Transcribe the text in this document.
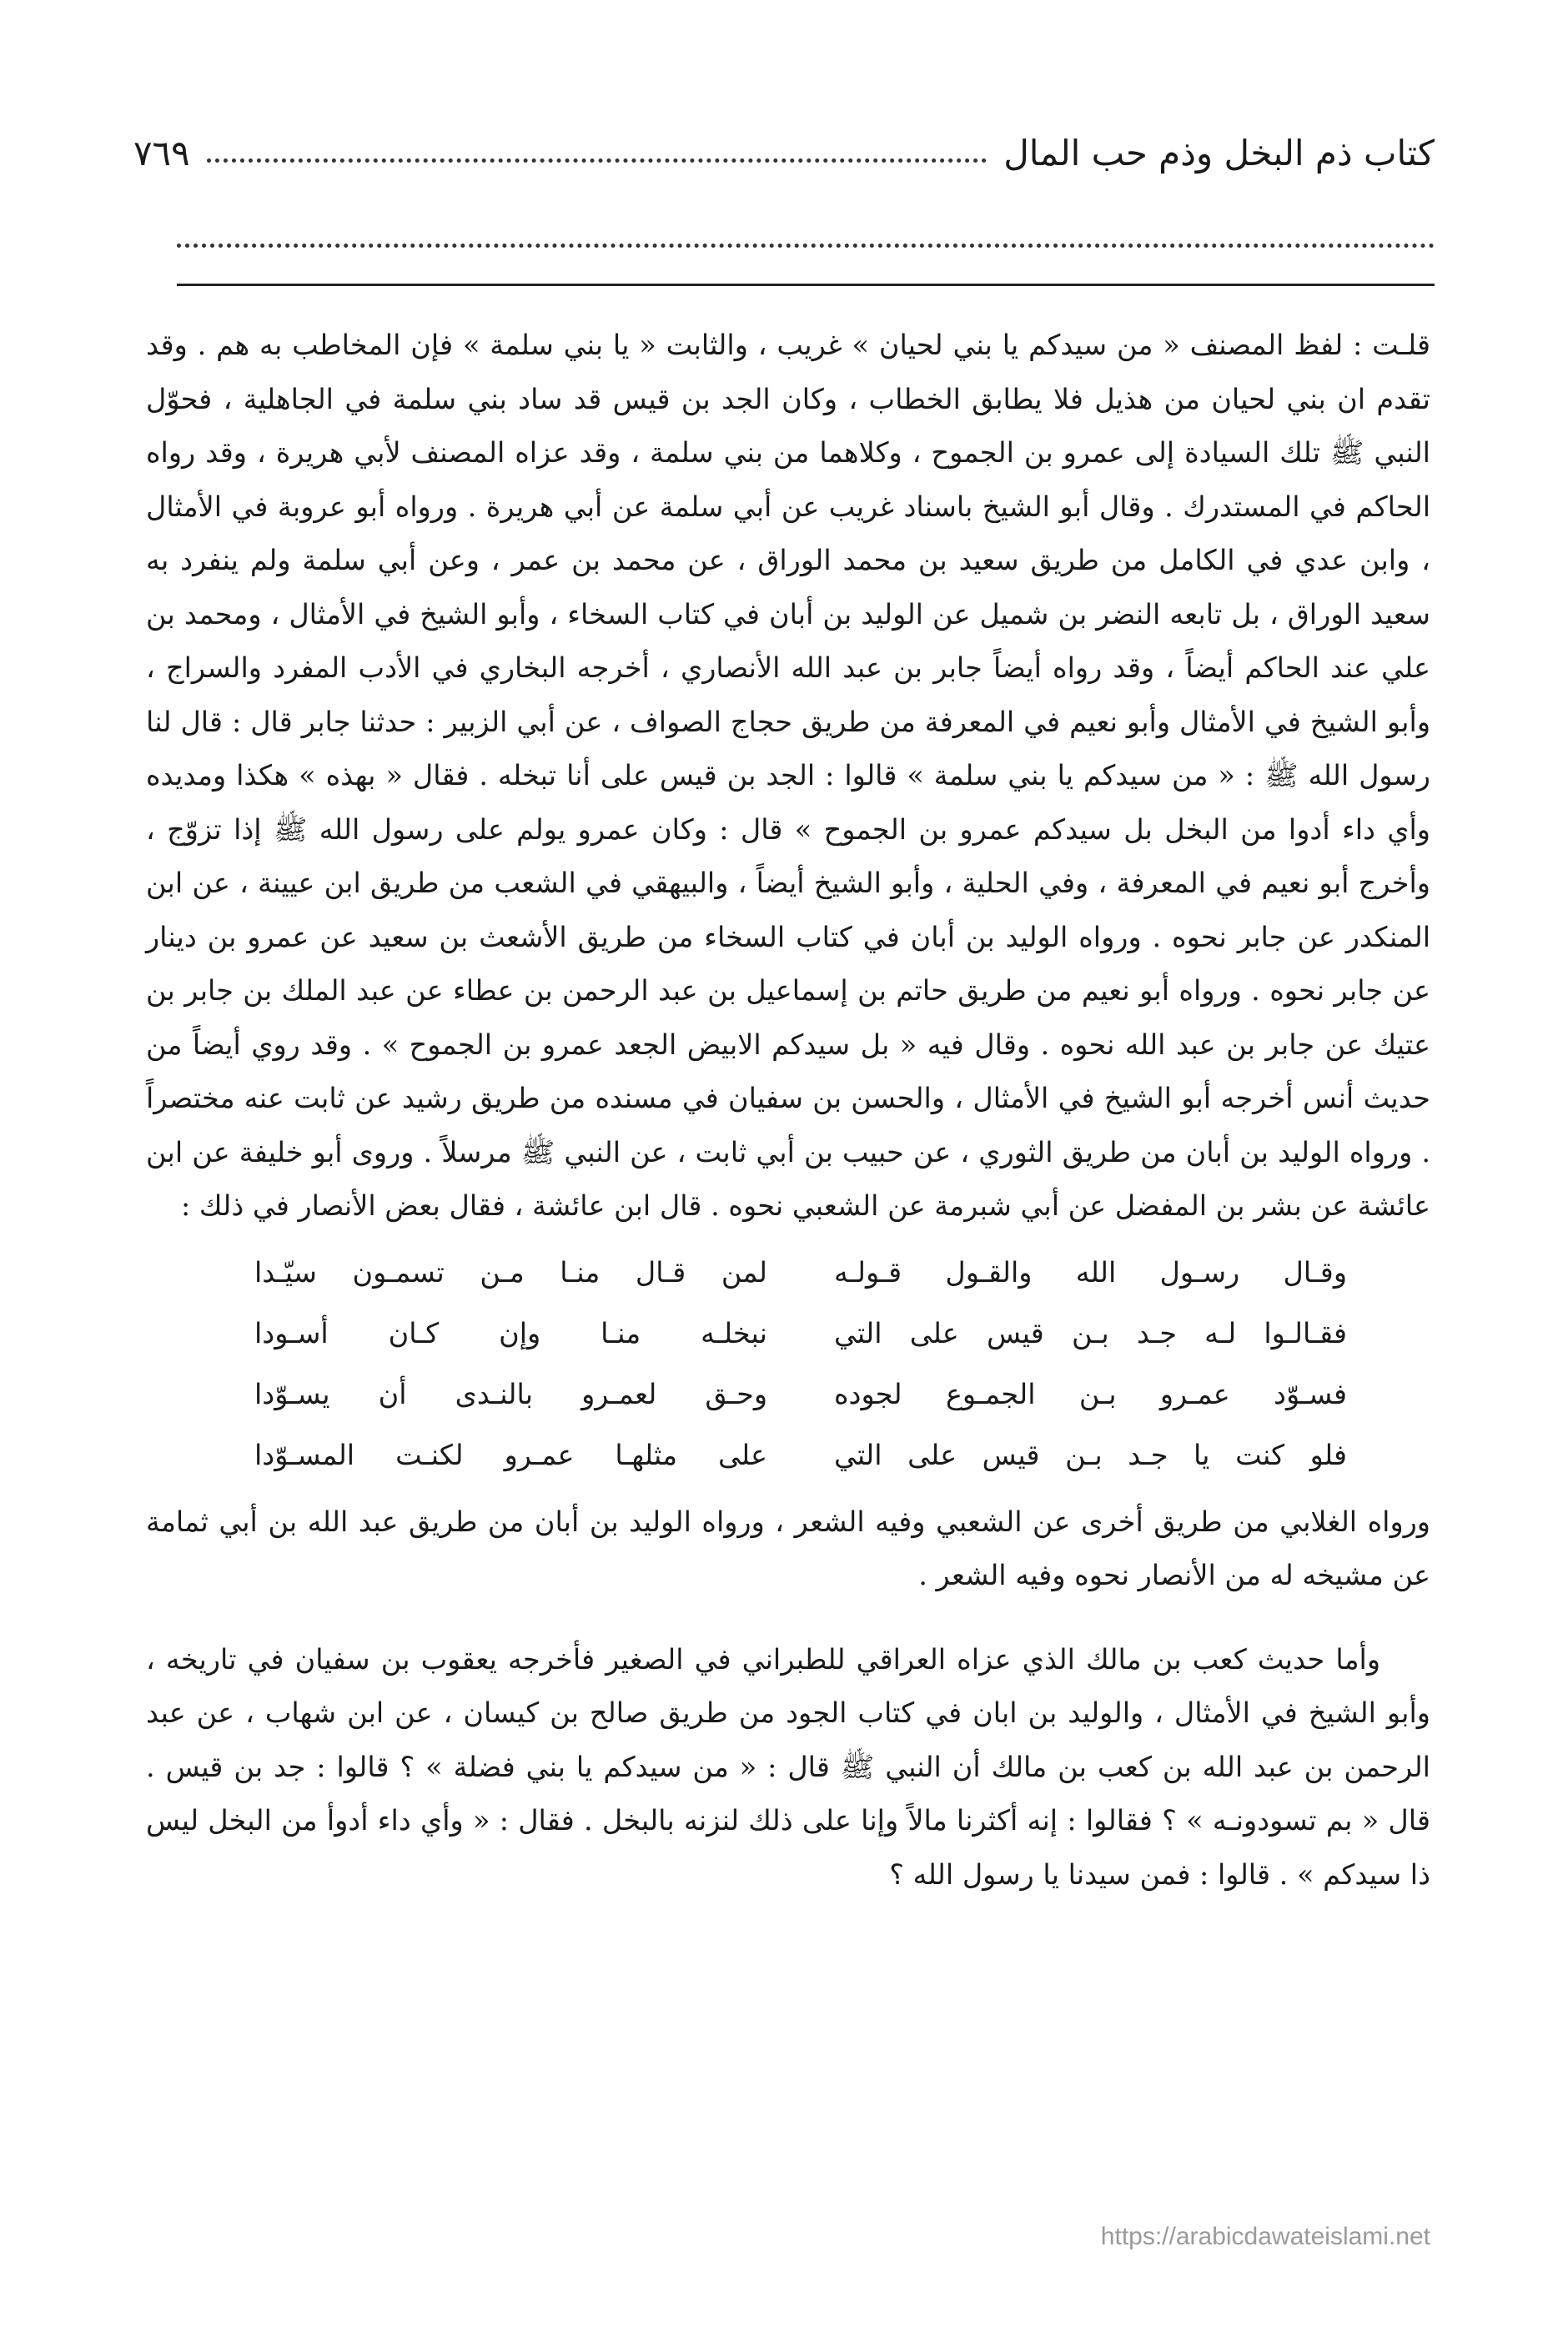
٧٦٩	كتاب ذم البخل وذم حب المال

قلـت : لفظ المصنف « من سيدكم يا بني لحيان » غريب ، والثابت « يا بني سلمة » فإن المخاطب به هم . وقد تقدم ان بني لحيان من هذيل فلا يطابق الخطاب ، وكان الجد بن قيس قد ساد بني سلمة في الجاهلية ، فحوّل النبي ﷺ تلك السيادة إلى عمرو بن الجموح ، وكلاهما من بني سلمة ، وقد عزاه المصنف لأبي هريرة ، وقد رواه الحاكم في المستدرك . وقال أبو الشيخ باسناد غريب عن أبي سلمة عن أبي هريرة . ورواه أبو عروبة في الأمثال ، وابن عدي في الكامل من طريق سعيد بن محمد الوراق ، عن محمد بن عمر ، وعن أبي سلمة ولم ينفرد به سعيد الوراق ، بل تابعه النضر بن شميل عن الوليد بن أبان في كتاب السخاء ، وأبو الشيخ في الأمثال ، ومحمد بن علي عند الحاكم أيضاً ، وقد رواه أيضاً جابر بن عبد الله الأنصاري ، أخرجه البخاري في الأدب المفرد والسراج ، وأبو الشيخ في الأمثال وأبو نعيم في المعرفة من طريق حجاج الصواف ، عن أبي الزبير : حدثنا جابر قال : قال لنا رسول الله ﷺ : « من سيدكم يا بني سلمة » قالوا : الجد بن قيس على أنا تبخله . فقال « بهذه » هكذا ومديده وأي داء أدوا من البخل بل سيدكم عمرو بن الجموح » قال : وكان عمرو يولم على رسول الله ﷺ إذا تزوّج ، وأخرج أبو نعيم في المعرفة ، وفي الحلية ، وأبو الشيخ أيضاً ، والبيهقي في الشعب من طريق ابن عيينة ، عن ابن المنكدر عن جابر نحوه . ورواه الوليد بن أبان في كتاب السخاء من طريق الأشعث بن سعيد عن عمرو بن دينار عن جابر نحوه . ورواه أبو نعيم من طريق حاتم بن إسماعيل بن عبد الرحمن بن عطاء عن عبد الملك بن جابر بن عتيك عن جابر بن عبد الله نحوه . وقال فيه « بل سيدكم الابيض الجعد عمرو بن الجموح » . وقد روي أيضاً من حديث أنس أخرجه أبو الشيخ في الأمثال ، والحسن بن سفيان في مسنده من طريق رشيد عن ثابت عنه مختصراً . ورواه الوليد بن أبان من طريق الثوري ، عن حبيب بن أبي ثابت ، عن النبي ﷺ مرسلاً . وروى أبو خليفة عن ابن عائشة عن بشر بن المفضل عن أبي شبرمة عن الشعبي نحوه . قال ابن عائشة ، فقال بعض الأنصار في ذلك :

وقـال رسـول الله والقـول قـولـه
لمن قـال منـا مـن تسمـون سيّـدا
فقـالـوا لـه جـد بـن قيس على التي
نبخلـه منـا وإن كـان أسـودا
فسـوّد عمـرو بـن الجمـوع لجوده
وحـق لعمـرو بالنـدى أن يسـوّدا
فلو كنت يا جـد بـن قيس على التي
على مثلهـا عمـرو لكنـت المسـوّدا

ورواه الغلابي من طريق أخرى عن الشعبي وفيه الشعر ، ورواه الوليد بن أبان من طريق عبد الله بن أبي ثمامة عن مشيخه له من الأنصار نحوه وفيه الشعر .

وأما حديث كعب بن مالك الذي عزاه العراقي للطبراني في الصغير فأخرجه يعقوب بن سفيان في تاريخه ، وأبو الشيخ في الأمثال ، والوليد بن ابان في كتاب الجود من طريق صالح بن كيسان ، عن ابن شهاب ، عن عبد الرحمن بن عبد الله بن كعب بن مالك أن النبي ﷺ قال : « من سيدكم يا بني فضلة » ؟ قالوا : جد بن قيس . قال « بم تسودونـه » ؟ فقالوا : إنه أكثرنا مالاً وإنا على ذلك لنزنه بالبخل . فقال : « وأي داء أدوأ من البخل ليس ذا سيدكم » . قالوا : فمن سيدنا يا رسول الله ؟

https://arabicdawateislami.net
